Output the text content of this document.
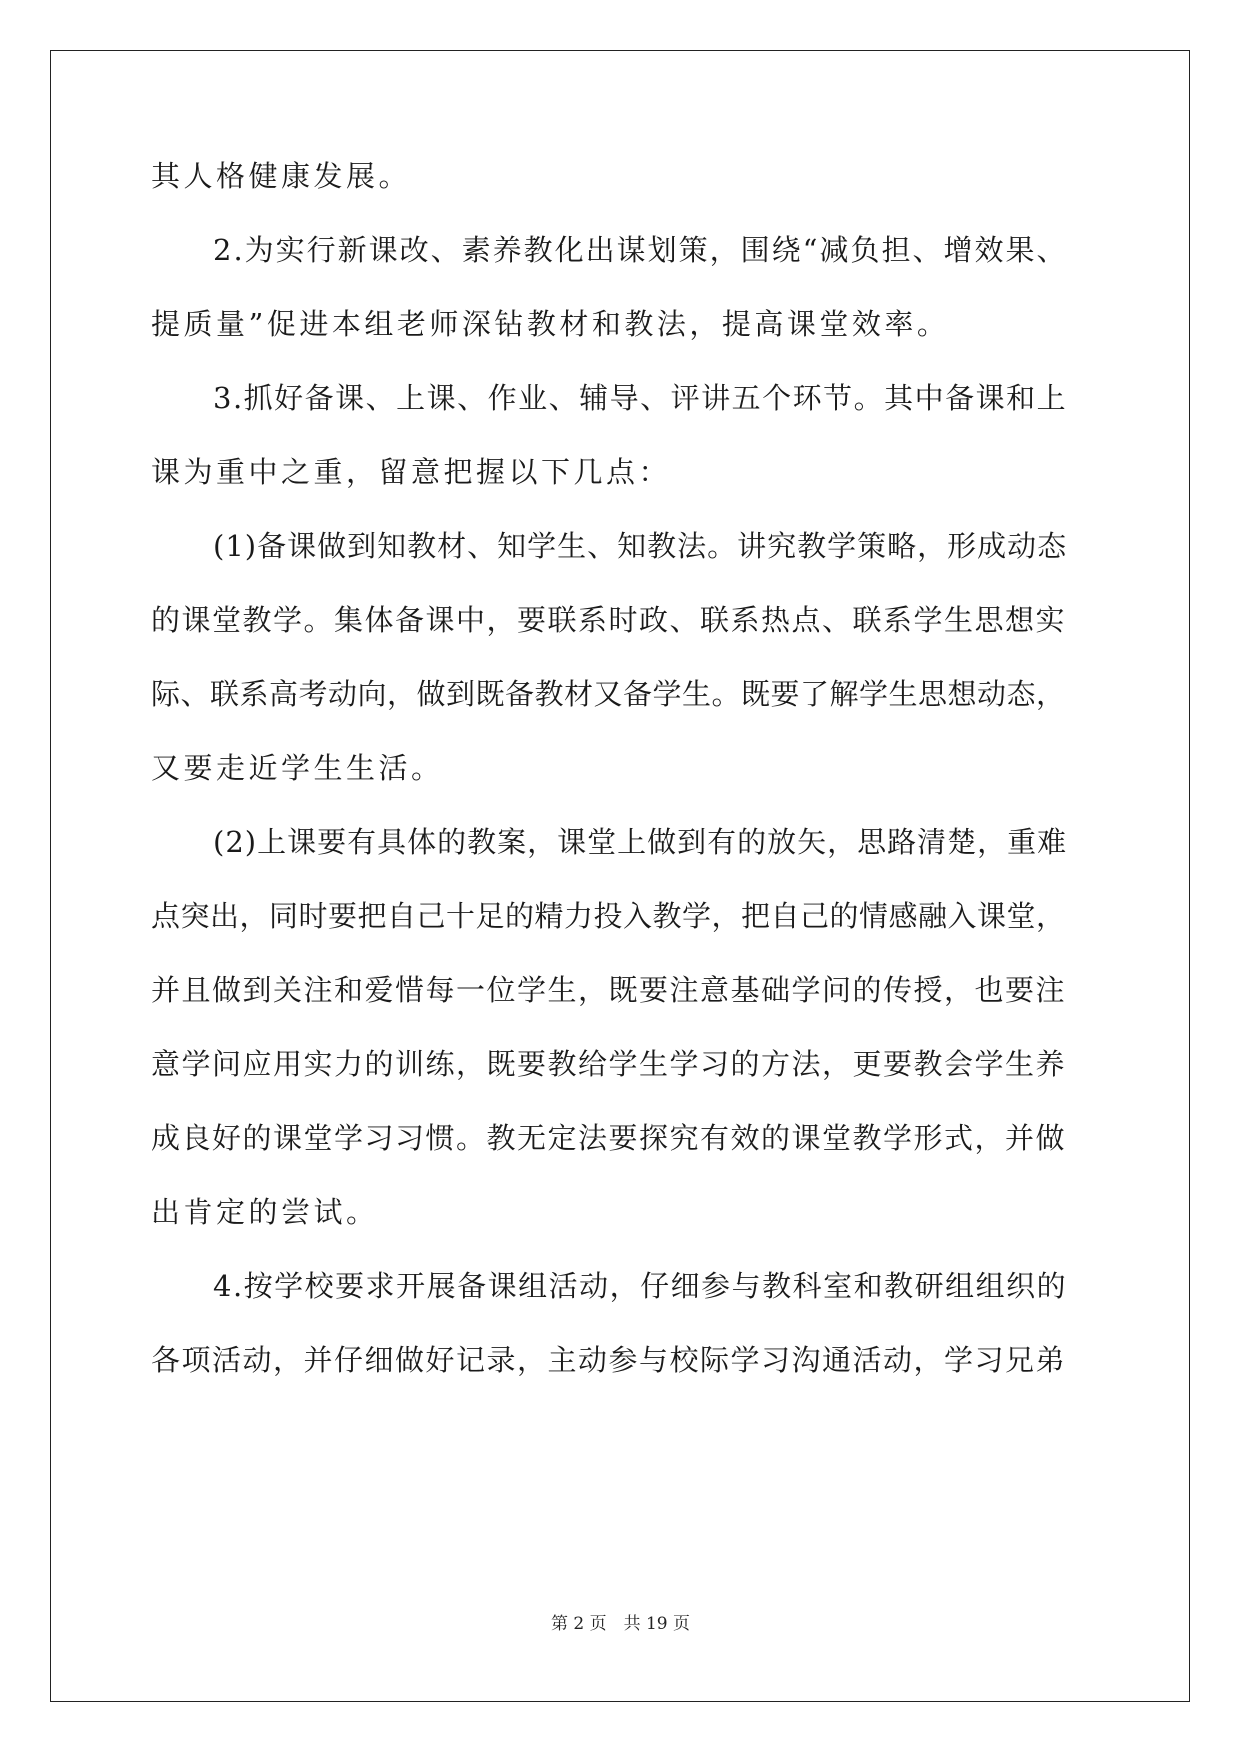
其人格健康发展。
2.为实行新课改、素养教化出谋划策，围绕“减负担、增效果、
提质量”促进本组老师深钻教材和教法，提高课堂效率。
3.抓好备课、上课、作业、辅导、评讲五个环节。其中备课和上
课为重中之重，留意把握以下几点：
(1)备课做到知教材、知学生、知教法。讲究教学策略，形成动态
的课堂教学。集体备课中，要联系时政、联系热点、联系学生思想实
际、联系高考动向，做到既备教材又备学生。既要了解学生思想动态，
又要走近学生生活。
(2)上课要有具体的教案，课堂上做到有的放矢，思路清楚，重难
点突出，同时要把自己十足的精力投入教学，把自己的情感融入课堂，
并且做到关注和爱惜每一位学生，既要注意基础学问的传授，也要注
意学问应用实力的训练，既要教给学生学习的方法，更要教会学生养
成良好的课堂学习习惯。教无定法要探究有效的课堂教学形式，并做
出肯定的尝试。
4.按学校要求开展备课组活动，仔细参与教科室和教研组组织的
各项活动，并仔细做好记录，主动参与校际学习沟通活动，学习兄弟
第 2 页　共 19 页
